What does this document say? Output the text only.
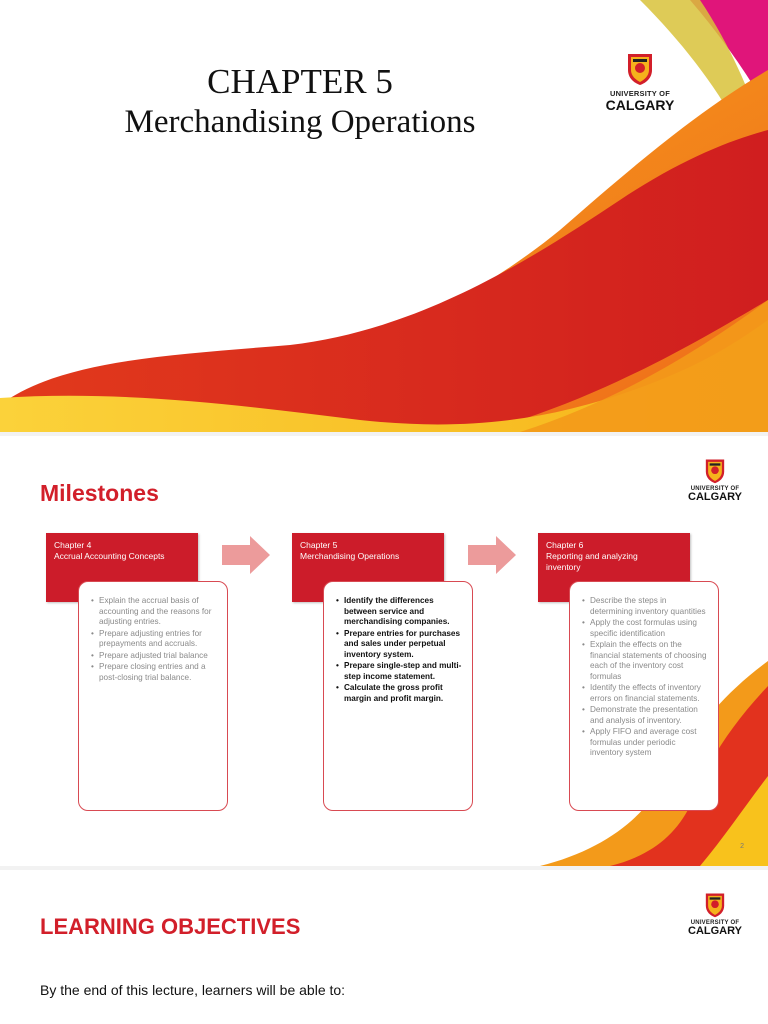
CHAPTER 5
Merchandising Operations
UNIVERSITY OF
CALGARY
Milestones	UNIVERSITY OF
CALGARY
Chapter 4
Accrual Accounting Concepts
• Explain the accrual basis of accounting and the reasons for adjusting entries.
• Prepare adjusting entries for prepayments and accruals.
• Prepare adjusted trial balance
• Prepare closing entries and a post-closing trial balance.
Chapter 5
Merchandising Operations
• Identify the differences between service and merchandising companies.
• Prepare entries for purchases and sales under perpetual inventory system.
• Prepare single-step and multi-step income statement.
• Calculate the gross profit margin and profit margin.
Chapter 6
Reporting and analyzing
inventory
• Describe the steps in determining inventory quantities
• Apply the cost formulas using specific identification
• Explain the effects on the financial statements of choosing each of the inventory cost formulas
• Identify the effects of inventory errors on financial statements.
• Demonstrate the presentation and analysis of inventory.
• Apply FIFO and average cost formulas under periodic inventory system
2
LEARNING OBJECTIVES	UNIVERSITY OF
CALGARY
By the end of this lecture, learners will be able to:
